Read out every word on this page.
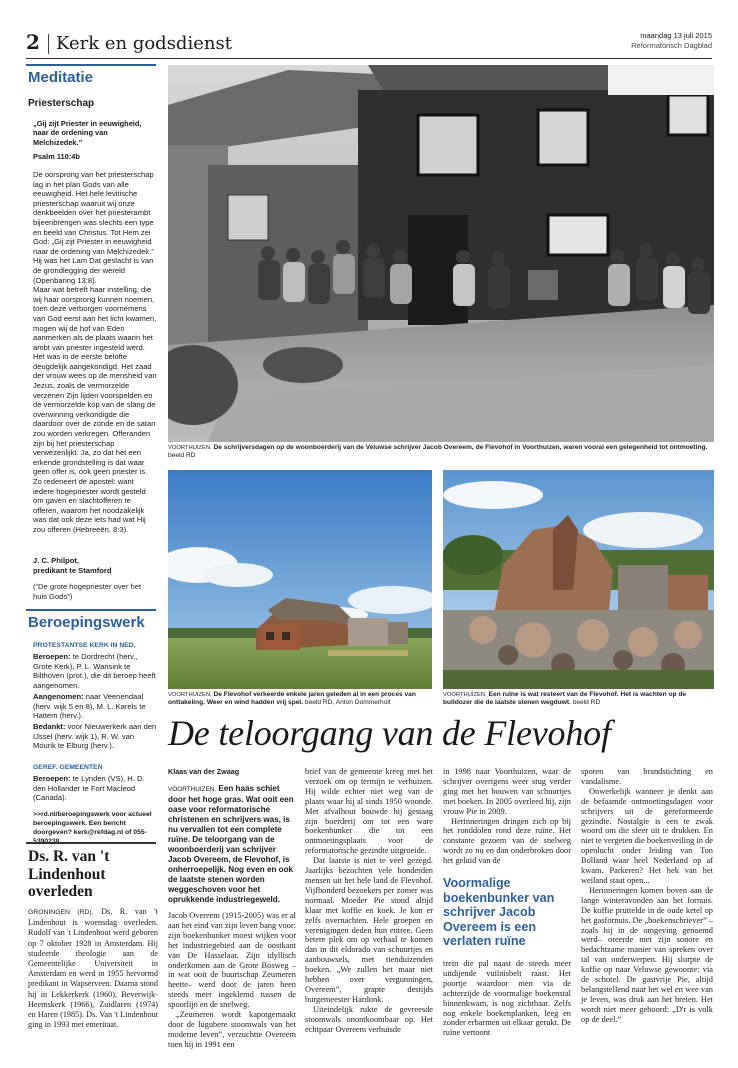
2 Kerk en godsdienst	maandag 13 juli 2015
Reformatorisch Dagblad
Meditatie
Priesterschap
„Gij zijt Priester in eeuwigheid, naar de ordening van Melchizedek.”
Psalm 110:4b
De oorsprong van het priesterschap lag in het plan Gods van alle eeuwigheid. Het hele levitische priesterschap waaruit wij onze denkbeelden over het priesterambt bijeenbrengen was slechts een type en beeld van Christus. Tot Hem zei God: „Gij zijt Priester in eeuwigheid naar de ordening van Melchizedek.” Hij was het Lam Dat geslacht is van de grondlegging der wereld (Openbaring 13:8).
Maar wat betreft haar instelling, die wij haar oorsprong kunnen noemen, toen deze verborgen voornemens van God eerst aan het licht kwamen, mogen wij de hof van Eden aanmerken als de plaats waarin het ambt van priester ingesteld werd.
Het was in de eerste belofte deugdelijk aangekondigd. Het zaad der vrouw wees op de mensheid van Jezus, zoals de vermorzelde verzenen Zijn lijden voorspelden en de vermorzelde kop van de slang de overwinning verkondigde die daardoor over de zonde en de satan zou worden verkregen. Offeranden zijn bij het priesterschap verwezenlijkt. Ja, zo dat het een erkende grondstelling is dat waar geen offer is, ook geen priester is. Zo redeneert de apostel: want iedere hogepriester wordt gesteld om gaven en slachtofferen te offeren, waarom het noodzakelijk was dat ook deze iets had wat Hij zou offeren (Hebreeën, 8:3).
J. C. Philpot,
predikant te Stamford
(“De grote hogepriester over het huis Gods”)
Beroepingswerk
PROTESTANTSE KERK IN NED.
Beroepen: te Dordrecht (herv., Grote Kerk), P. L. Wansink te Bilthoven (prot.), die dit beroep heeft aangenomen.
Aangenomen: naar Veenendaal (herv. wijk 5 en 8), M. L. Karels te Hattem (herv.).
Bedankt: voor Nieuwerkerk aan den IJssel (herv. wijk 1), R. W. van Mourik te Elburg (herv.).
GEREF. GEMEENTEN
Beroepen: te Lynden (VS), H. D. den Hollander te Fort Macleod (Canada).
>>rd.nl/beroepingswerk voor actueel beroepingswerk. Een bericht doorgeven? kerk@refdag.nl of 055-
Ds. R. van 't Lindenhout overleden
GRONINGEN (RD). Ds. R. van 't Lindenhout is woensdag overleden. Rudolf van 't Lindenhout werd geboren op 7 oktober 1928 in Amsterdam. Hij studeerde theologie aan de Gemeentelijke Universiteit in Amsterdam en werd in 1955 hervormd predikant in Wapserveen. Daarna stond hij in Lekkerkerk (1960), Beverwijk-Heemskerk (1966), Zuidlaren (1974) en Haren (1985). Ds. Van 't Lindenhout ging in 1993 met emeritaat.
VOORTHUIZEN. De schrijversdagen op de woonboerderij van de Veluwse schrijver Jacob Overeem, de Flevohof in Voorthuizen, waren vooral een gelegenheid tot ontmoeting. beeld RD
VOORTHUIZEN. De Flevohof verkeerde enkele jaren geleden al in een proces van onttakeling. Weer en wind hadden vrij spel. beeld RD, Anton Dommerholt
VOORTHUIZEN. Een ruïne is wat resteert van de Flevohof. Het is wachten op de bulldozer die de laatste stenen wegduwt. beeld RD
De teloorgang van de Flevohof
Klaas van der Zwaag
VOORTHUIZEN. Een haas schiet door het hoge gras. Wat ooit een oase voor reformatorische christenen en schrijvers was, is nu vervallen tot een complete ruïne. De teloorgang van de woonboerderij van schrijver Jacob Overeem, de Flevohof, is onherroepelijk. Nog even en ook de laatste stenen worden weggeschoven voor het oprukkende industriegeweld.

Jacob Overeem (1915-2005) was er al aan het eind van zijn leven bang voor: zijn boekenbunker moest wijken voor het industriegebied aan de oostkant van De Hasselaar. Zijn idyllisch onderkomen aan de Grote Bosweg –in wat ooit de buurtschap Zeumeren heette– werd door de jaren heen steeds meer ingeklemd tussen de spoorlijn en de snelweg.

„Zeumeren wordt kapotgemaakt door de luguberе stoomwals van het moderne leven”, verzuchtte Overeem toen hij in 1991 een

brief van de gemeente kreeg met het verzoek om op termijn te verhuizen. Hij wilde echter niet weg van de plaats waar hij al sinds 1950 woonde. Met afvalhout bouwde hij gestaag zijn boerderij om tot een ware boekenbunker die tot een ontmoetingsplaats voor de reformatorische gezindte uitgroeide.

Dat laatste is niet te veel gezegd. Jaarlijks bezochten vele honderden mensen uit het hele land de Flevohof. Vijfhonderd bezoekers per zomer was normaal. Moeder Pie stond altijd klaar met koffie en koek. Je kon er zelfs overnachten. Hele groepen en verenigingen deden hun entree. Geen betere plek om op verhaal te komen dan in dit eldorado van schuurtjes en aanbouwsels, met tienduizenden boeken. „We zullen het maar niet hebben over vergunningen, Overeem”, grapte destijds burgemeester Hardonk.

Uiteindelijk rukte de gevreesde stoomwals onontkoombaar op. Het echtpaar Overeem verhuisde

in 1998 naar Voorthuizen, waar de schrijver overigens weer stug verder ging met het bouwen van schuurtjes met boeken. In 2005 overleed hij, zijn vrouw Pie in 2009.

Herinneringen dringen zich op bij het ronddolen rond deze ruïne. Het constante gezoem van de snelweg wordt zo nu en dan onderbroken door het geluid van de

Voormalige boekenbunker van schrijver Jacob Overeem is een verlaten ruïne

trein die pal naast de steeds meer uitdijende vuilnisbelt raast. Het poortje waardoor men via de achterzijde de voormalige boekenstal binnenkwam, is nog zichtbaar. Zelfs nog enkele boekenplanken, leeg en zonder erbarmen uit elkaar gerukt. De ruïne vertoont

sporen van brandstichting en vandalisme.

Onwerkelijk wanneer je denkt aan de befaamde ontmoetingsdagen voor schrijvers uit de gereformeerde gezindte. Nostalgie is een te zwak woord om die sfeer uit te drukken. En niet te vergeten die boekenveiling in de openlucht onder leiding van Ton Bolland waar heel Nederland op af kwam. Parkeren? Het hek van het weiland staat open...

Herinneringen komen boven aan de lange winteravonden aan het fornuis. De koffie pruttelde in de oude ketel op het gasfornuis. De „boekenschriever” –zoals hij in de omgeving genoemd werd– oreerde met zijn sonore en bedachtzame manier van spreken over tal van onderwerpen. Hij slurpte de koffie op naar Veluwse gewoonte: via de schotel. De gastvrije Pie, altijd belangstellend naar het wel en wee van je leven, was druk aan het breien. Het wordt niet meer gehoord: „D'r is volk op de deel.”
